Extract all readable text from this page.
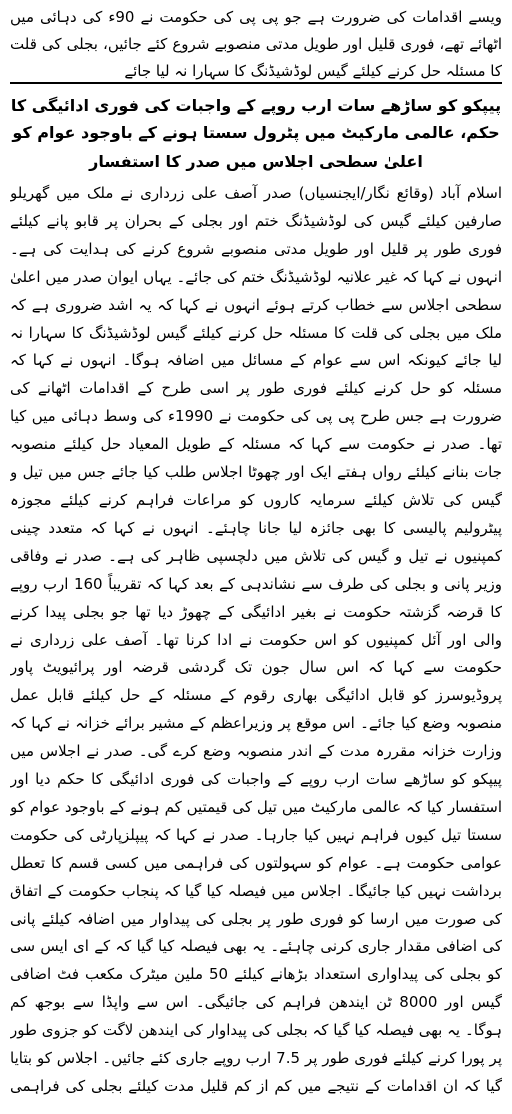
ویسے اقدامات کی ضرورت ہے جو پی پی کی حکومت نے 90ء کی دہائی میں اٹھائے تھے، فوری قلیل اور طویل مدتی منصوبے شروع کئے جائیں، بجلی کی قلت کا مسئلہ حل کرنے کیلئے گیس لوڈشیڈنگ کا سہارا نہ لیا جائے

پیپکو کو ساڑھے سات ارب روپے کے واجبات کی فوری ادائیگی کا حکم، عالمی مارکیٹ میں پٹرول سستا ہونے کے باوجود عوام کو
اعلیٰ سطحی اجلاس میں صدر کا استفسار

اسلام آباد (وقائع نگار/ایجنسیاں) صدر آصف علی زرداری نے ملک میں گھریلو صارفین کیلئے گیس کی لوڈشیڈنگ ختم اور بجلی کے بحران پر قابو پانے کیلئے فوری طور پر قلیل اور طویل مدتی منصوبے شروع کرنے کی ہدایت کی ہے۔ انہوں نے کہا کہ غیر علانیہ لوڈشیڈنگ ختم کی جائے۔ یہاں ایوان صدر میں اعلیٰ سطحی اجلاس سے خطاب کرتے ہوئے انہوں نے کہا کہ یہ اشد ضروری ہے کہ ملک میں بجلی کی قلت کا مسئلہ حل کرنے کیلئے گیس لوڈشیڈنگ کا سہارا نہ لیا جائے کیونکہ اس سے عوام کے مسائل میں اضافہ ہوگا۔ انہوں نے کہا کہ مسئلہ کو حل کرنے کیلئے فوری طور پر اسی طرح کے اقدامات اٹھانے کی ضرورت ہے جس طرح پی پی کی حکومت نے 1990ء کی وسط دہائی میں کیا تھا۔ صدر نے حکومت سے کہا کہ مسئلہ کے طویل المعیاد حل کیلئے منصوبہ جات بنانے کیلئے رواں ہفتے ایک اور چھوٹا اجلاس طلب کیا جائے جس میں تیل و گیس کی تلاش کیلئے سرمایہ کاروں کو مراعات فراہم کرنے کیلئے مجوزہ پیٹرولیم پالیسی کا بھی جائزہ لیا جانا چاہئے۔ انہوں نے کہا کہ متعدد چینی کمپنیوں نے تیل و گیس کی تلاش میں دلچسپی ظاہر کی ہے۔ صدر نے وفاقی وزیر پانی و بجلی کی طرف سے نشاندہی کے بعد کہا کہ تقریباً 160 ارب روپے کا قرضہ گزشتہ حکومت نے بغیر ادائیگی کے چھوڑ دیا تھا جو بجلی پیدا کرنے والی اور آئل کمپنیوں کو اس حکومت نے ادا کرنا تھا۔ آصف علی زرداری نے حکومت سے کہا کہ اس سال جون تک گردشی قرضہ اور پرائیویٹ پاور پروڈیوسرز کو قابل ادائیگی بھاری رقوم کے مسئلہ کے حل کیلئے قابل عمل منصوبہ وضع کیا جائے۔ اس موقع پر وزیراعظم کے مشیر برائے خزانہ نے کہا کہ وزارت خزانہ مقررہ مدت کے اندر منصوبہ وضع کرے گی۔ صدر نے اجلاس میں پیپکو کو ساڑھے سات ارب روپے کے واجبات کی فوری ادائیگی کا حکم دیا اور استفسار کیا کہ عالمی مارکیٹ میں تیل کی قیمتیں کم ہونے کے باوجود عوام کو سستا تیل کیوں فراہم نہیں کیا جارہا۔ صدر نے کہا کہ پیپلزپارٹی کی حکومت عوامی حکومت ہے۔ عوام کو سہولتوں کی فراہمی میں کسی قسم کا تعطل برداشت نہیں کیا جائیگا۔ اجلاس میں فیصلہ کیا گیا کہ پنجاب حکومت کے اتفاق کی صورت میں ارسا کو فوری طور پر بجلی کی پیداوار میں اضافہ کیلئے پانی کی اضافی مقدار جاری کرنی چاہئے۔ یہ بھی فیصلہ کیا گیا کہ کے ای ایس سی کو بجلی کی پیداواری استعداد بڑھانے کیلئے 50 ملین میٹرک مکعب فٹ اضافی گیس اور 8000 ٹن ایندھن فراہم کی جائیگی۔ اس سے واپڈا سے بوجھ کم ہوگا۔ یہ بھی فیصلہ کیا گیا کہ بجلی کی پیداوار کی ایندھن لاگت کو جزوی طور پر پورا کرنے کیلئے فوری طور پر 7.5 ارب روپے جاری کئے جائیں۔ اجلاس کو بتایا گیا کہ ان اقدامات کے نتیجے میں کم از کم قلیل مدت کیلئے بجلی کی فراہمی
